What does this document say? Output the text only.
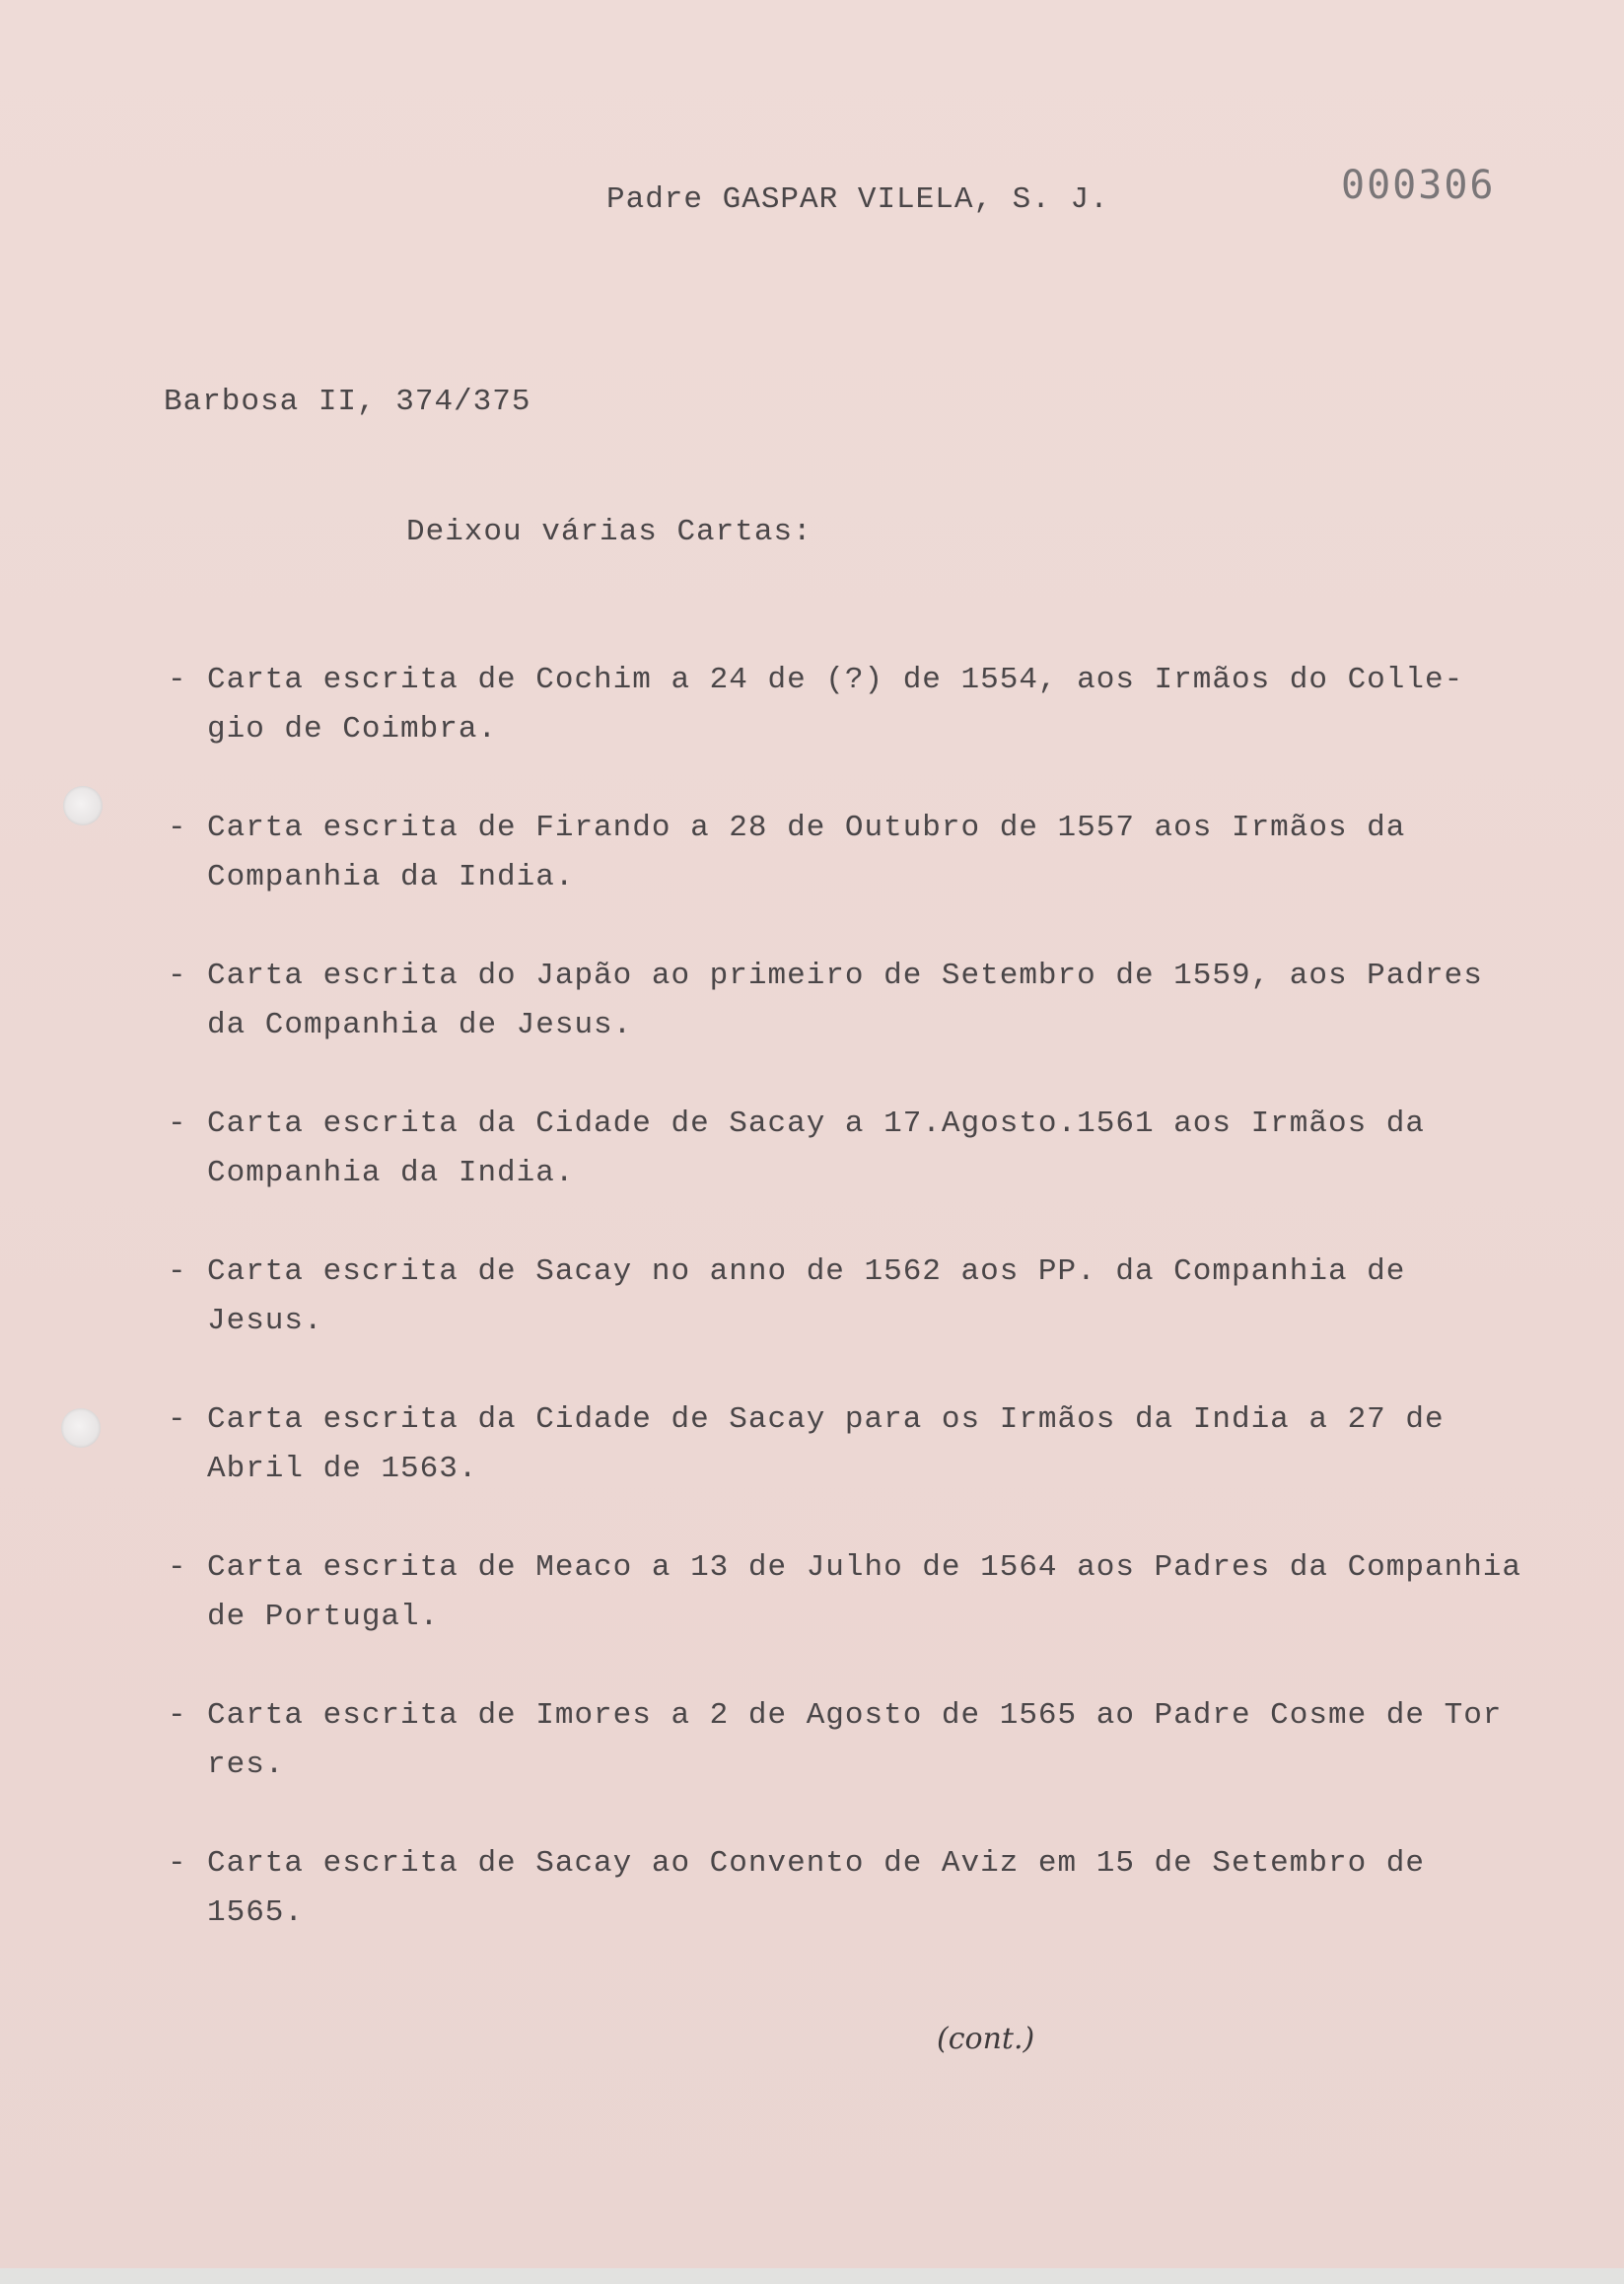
Padre GASPAR VILELA, S. J.	000306
Barbosa II, 374/375
Deixou várias Cartas:
- Carta escrita de Cochim a 24 de (?) de 1554, aos Irmãos do Colle-
gio de Coimbra.
- Carta escrita de Firando a 28 de Outubro de 1557 aos Irmãos da
Companhia da India.
- Carta escrita do Japão ao primeiro de Setembro de 1559, aos Padres
da Companhia de Jesus.
- Carta escrita da Cidade de Sacay a 17.Agosto.1561 aos Irmãos da
Companhia da India.
- Carta escrita de Sacay no anno de 1562 aos PP. da Companhia de
Jesus.
- Carta escrita da Cidade de Sacay para os Irmãos da India a 27 de
Abril de 1563.
- Carta escrita de Meaco a 13 de Julho de 1564 aos Padres da Companhia
de Portugal.
- Carta escrita de Imores a 2 de Agosto de 1565 ao Padre Cosme de Tor
res.
- Carta escrita de Sacay ao Convento de Aviz em 15 de Setembro de
1565.
(cont.)
